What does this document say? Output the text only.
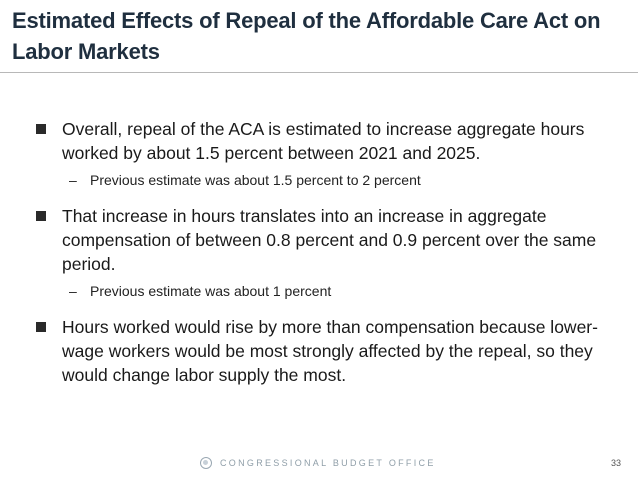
Estimated Effects of Repeal of the Affordable Care Act on Labor Markets
Overall, repeal of the ACA is estimated to increase aggregate hours worked by about 1.5 percent between 2021 and 2025.
– Previous estimate was about 1.5 percent to 2 percent
That increase in hours translates into an increase in aggregate compensation of between 0.8 percent and 0.9 percent over the same period.
– Previous estimate was about 1 percent
Hours worked would rise by more than compensation because lower-wage workers would be most strongly affected by the repeal, so they would change labor supply the most.
CONGRESSIONAL BUDGET OFFICE	33
